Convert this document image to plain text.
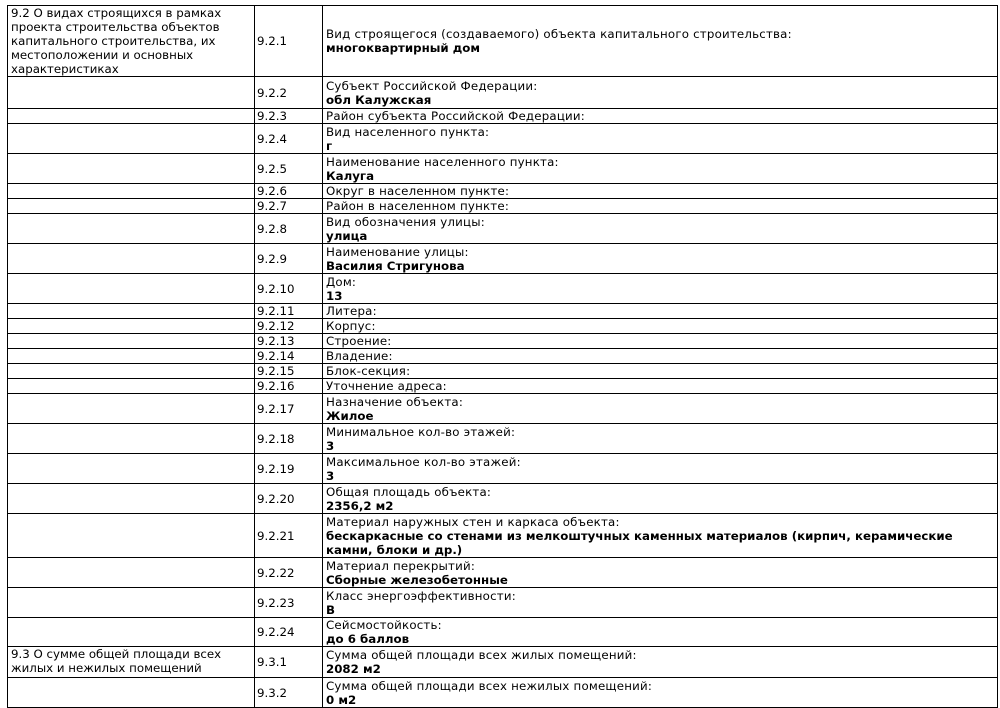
9.2 О видах строящихся в рамках проекта строительства объектов капитального строительства, их местоположении и основных характеристиках	9.2.1	Вид строящегося (создаваемого) объекта капитального строительства:
многоквартирный дом

	9.2.2	Субъект Российской Федерации:
обл Калужская

	9.2.3	Район субъекта Российской Федерации:

	9.2.4	Вид населенного пункта:
г

	9.2.5	Наименование населенного пункта:
Калуга

	9.2.6	Округ в населенном пункте:

	9.2.7	Район в населенном пункте:

	9.2.8	Вид обозначения улицы:
улица

	9.2.9	Наименование улицы:
Василия Стригунова

	9.2.10	Дом:
13

	9.2.11	Литера:

	9.2.12	Корпус:

	9.2.13	Строение:

	9.2.14	Владение:

	9.2.15	Блок-секция:

	9.2.16	Уточнение адреса:

	9.2.17	Назначение объекта:
Жилое

	9.2.18	Минимальное кол-во этажей:
3

	9.2.19	Максимальное кол-во этажей:
3

	9.2.20	Общая площадь объекта:
2356,2 м2

	9.2.21	Материал наружных стен и каркаса объекта:
бескаркасные со стенами из мелкоштучных каменных материалов (кирпич, керамические камни, блоки и др.)

	9.2.22	Материал перекрытий:
Сборные железобетонные

	9.2.23	Класс энергоэффективности:
В

	9.2.24	Сейсмостойкость:
до 6 баллов

9.3 О сумме общей площади всех жилых и нежилых помещений	9.3.1	Сумма общей площади всех жилых помещений:
2082 м2

	9.3.2	Сумма общей площади всех нежилых помещений:
0 м2
